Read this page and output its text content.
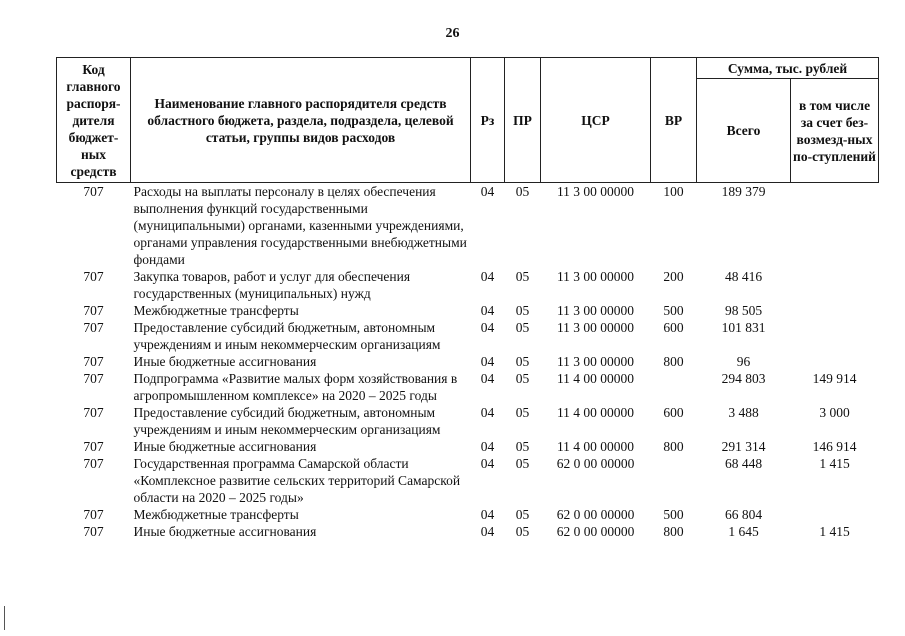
26
Код главного распоря-дителя бюджет-ных средств	Наименование главного распорядителя средств областного бюджета, раздела, подраздела, целевой статьи, группы видов расходов	Рз	ПР	ЦСР	ВР	Сумма, тыс. рублей	
						Всего	в том числе за счет без-возмезд-ных по-ступлений
707	Расходы на выплаты персоналу в целях обеспечения выполнения функций государственными (муниципальными) органами, казенными учреждениями, органами управления государственными внебюджетными фондами	04	05	11 3 00 00000	100	189 379	
707	Закупка товаров, работ и услуг для обеспечения государственных (муниципальных) нужд	04	05	11 3 00 00000	200	48 416	
707	Межбюджетные трансферты	04	05	11 3 00 00000	500	98 505	
707	Предоставление субсидий бюджетным, автономным учреждениям и иным некоммерческим организациям	04	05	11 3 00 00000	600	101 831	
707	Иные бюджетные ассигнования	04	05	11 3 00 00000	800	96	
707	Подпрограмма «Развитие малых форм хозяйствования в агропромышленном комплексе» на 2020 – 2025 годы	04	05	11 4 00 00000		294 803	149 914
707	Предоставление субсидий бюджетным, автономным учреждениям и иным некоммерческим организациям	04	05	11 4 00 00000	600	3 488	3 000
707	Иные бюджетные ассигнования	04	05	11 4 00 00000	800	291 314	146 914
707	Государственная программа Самарской области «Комплексное развитие сельских территорий Самарской области на 2020 – 2025 годы»	04	05	62 0 00 00000		68 448	1 415
707	Межбюджетные трансферты	04	05	62 0 00 00000	500	66 804	
707	Иные бюджетные ассигнования	04	05	62 0 00 00000	800	1 645	1 415
